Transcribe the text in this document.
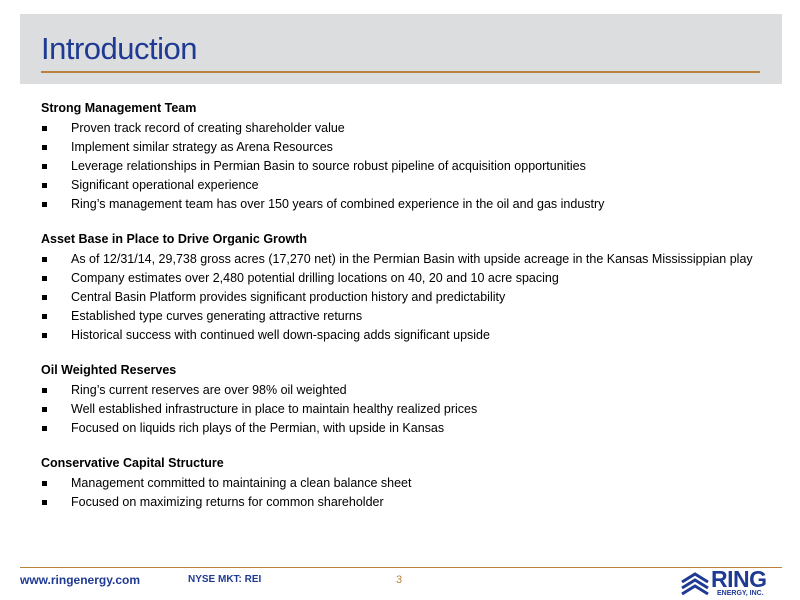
Introduction
Strong Management Team
Proven track record of creating shareholder value
Implement similar strategy as Arena Resources
Leverage relationships in Permian Basin to source robust pipeline of acquisition opportunities
Significant operational experience
Ring’s management team has over 150 years of combined experience in the oil and gas industry
Asset Base in Place to Drive Organic Growth
As of 12/31/14, 29,738 gross acres (17,270 net) in the Permian Basin with upside acreage in the Kansas Mississippian play
Company estimates over 2,480 potential drilling locations on 40, 20 and 10 acre spacing
Central Basin Platform provides significant production history and predictability
Established type curves generating attractive returns
Historical success with continued well down-spacing adds significant upside
Oil Weighted Reserves
Ring’s current reserves are over 98% oil weighted
Well established infrastructure in place to maintain healthy realized prices
Focused on liquids rich plays of the Permian, with upside in Kansas
Conservative Capital Structure
Management committed to maintaining a clean balance sheet
Focused on maximizing returns for common shareholder
www.ringenergy.com	NYSE MKT: REI	3	RING
ENERGY, INC.
